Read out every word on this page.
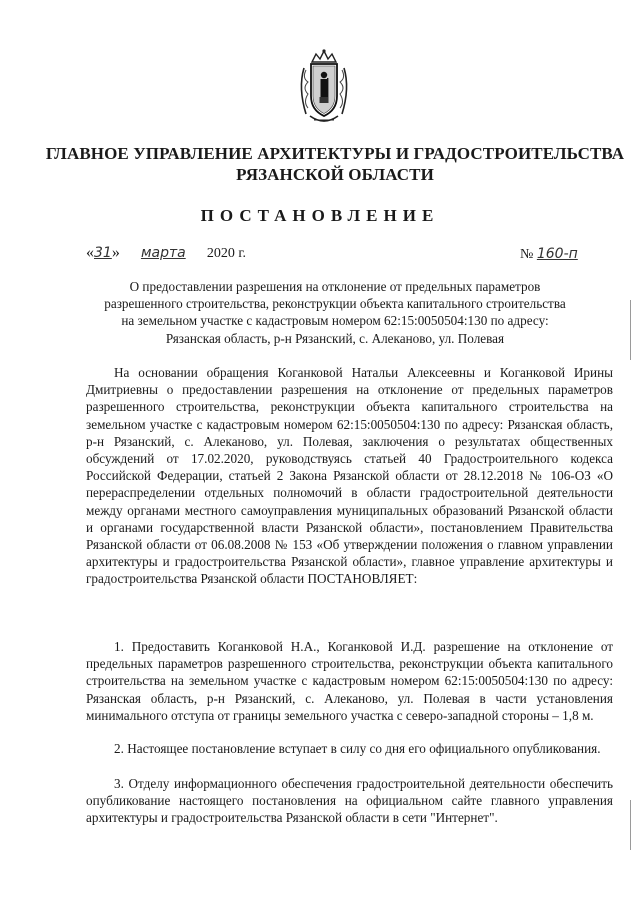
ГЛАВНОЕ УПРАВЛЕНИЕ АРХИТЕКТУРЫ И ГРАДОСТРОИТЕЛЬСТВА
РЯЗАНСКОЙ ОБЛАСТИ
ПОСТАНОВЛЕНИЕ
«31» марта 2020 г.	№ 160-п
О предоставлении разрешения на отклонение от предельных параметров
разрешенного строительства, реконструкции объекта капитального строительства
на земельном участке с кадастровым номером 62:15:0050504:130 по адресу:
Рязанская область, р-н Рязанский, с. Алеканово, ул. Полевая

На основании обращения Коганковой Натальи Алексеевны и Коганковой Ирины Дмитриевны о предоставлении разрешения на отклонение от предельных параметров разрешенного строительства, реконструкции объекта капитального строительства на земельном участке с кадастровым номером 62:15:0050504:130 по адресу: Рязанская область, р-н Рязанский, с. Алеканово, ул. Полевая, заключения о результатах общественных обсуждений от 17.02.2020, руководствуясь статьей 40 Градостроительного кодекса Российской Федерации, статьей 2 Закона Рязанской области от 28.12.2018 № 106-ОЗ «О перераспределении отдельных полномочий в области градостроительной деятельности между органами местного самоуправления муниципальных образований Рязанской области и органами государственной власти Рязанской области», постановлением Правительства Рязанской области от 06.08.2008 № 153 «Об утверждении положения о главном управлении архитектуры и градостроительства Рязанской области», главное управление архитектуры и градостроительства Рязанской области ПОСТАНОВЛЯЕТ:

1. Предоставить Коганковой Н.А., Коганковой И.Д. разрешение на отклонение от предельных параметров разрешенного строительства, реконструкции объекта капитального строительства на земельном участке с кадастровым номером 62:15:0050504:130 по адресу: Рязанская область, р-н Рязанский, с. Алеканово, ул. Полевая в части установления минимального отступа от границы земельного участка с северо-западной стороны – 1,8 м.

2. Настоящее постановление вступает в силу со дня его официального опубликования.

3. Отделу информационного обеспечения градостроительной деятельности обеспечить опубликование настоящего постановления на официальном сайте главного управления архитектуры и градостроительства Рязанской области в сети "Интернет".
